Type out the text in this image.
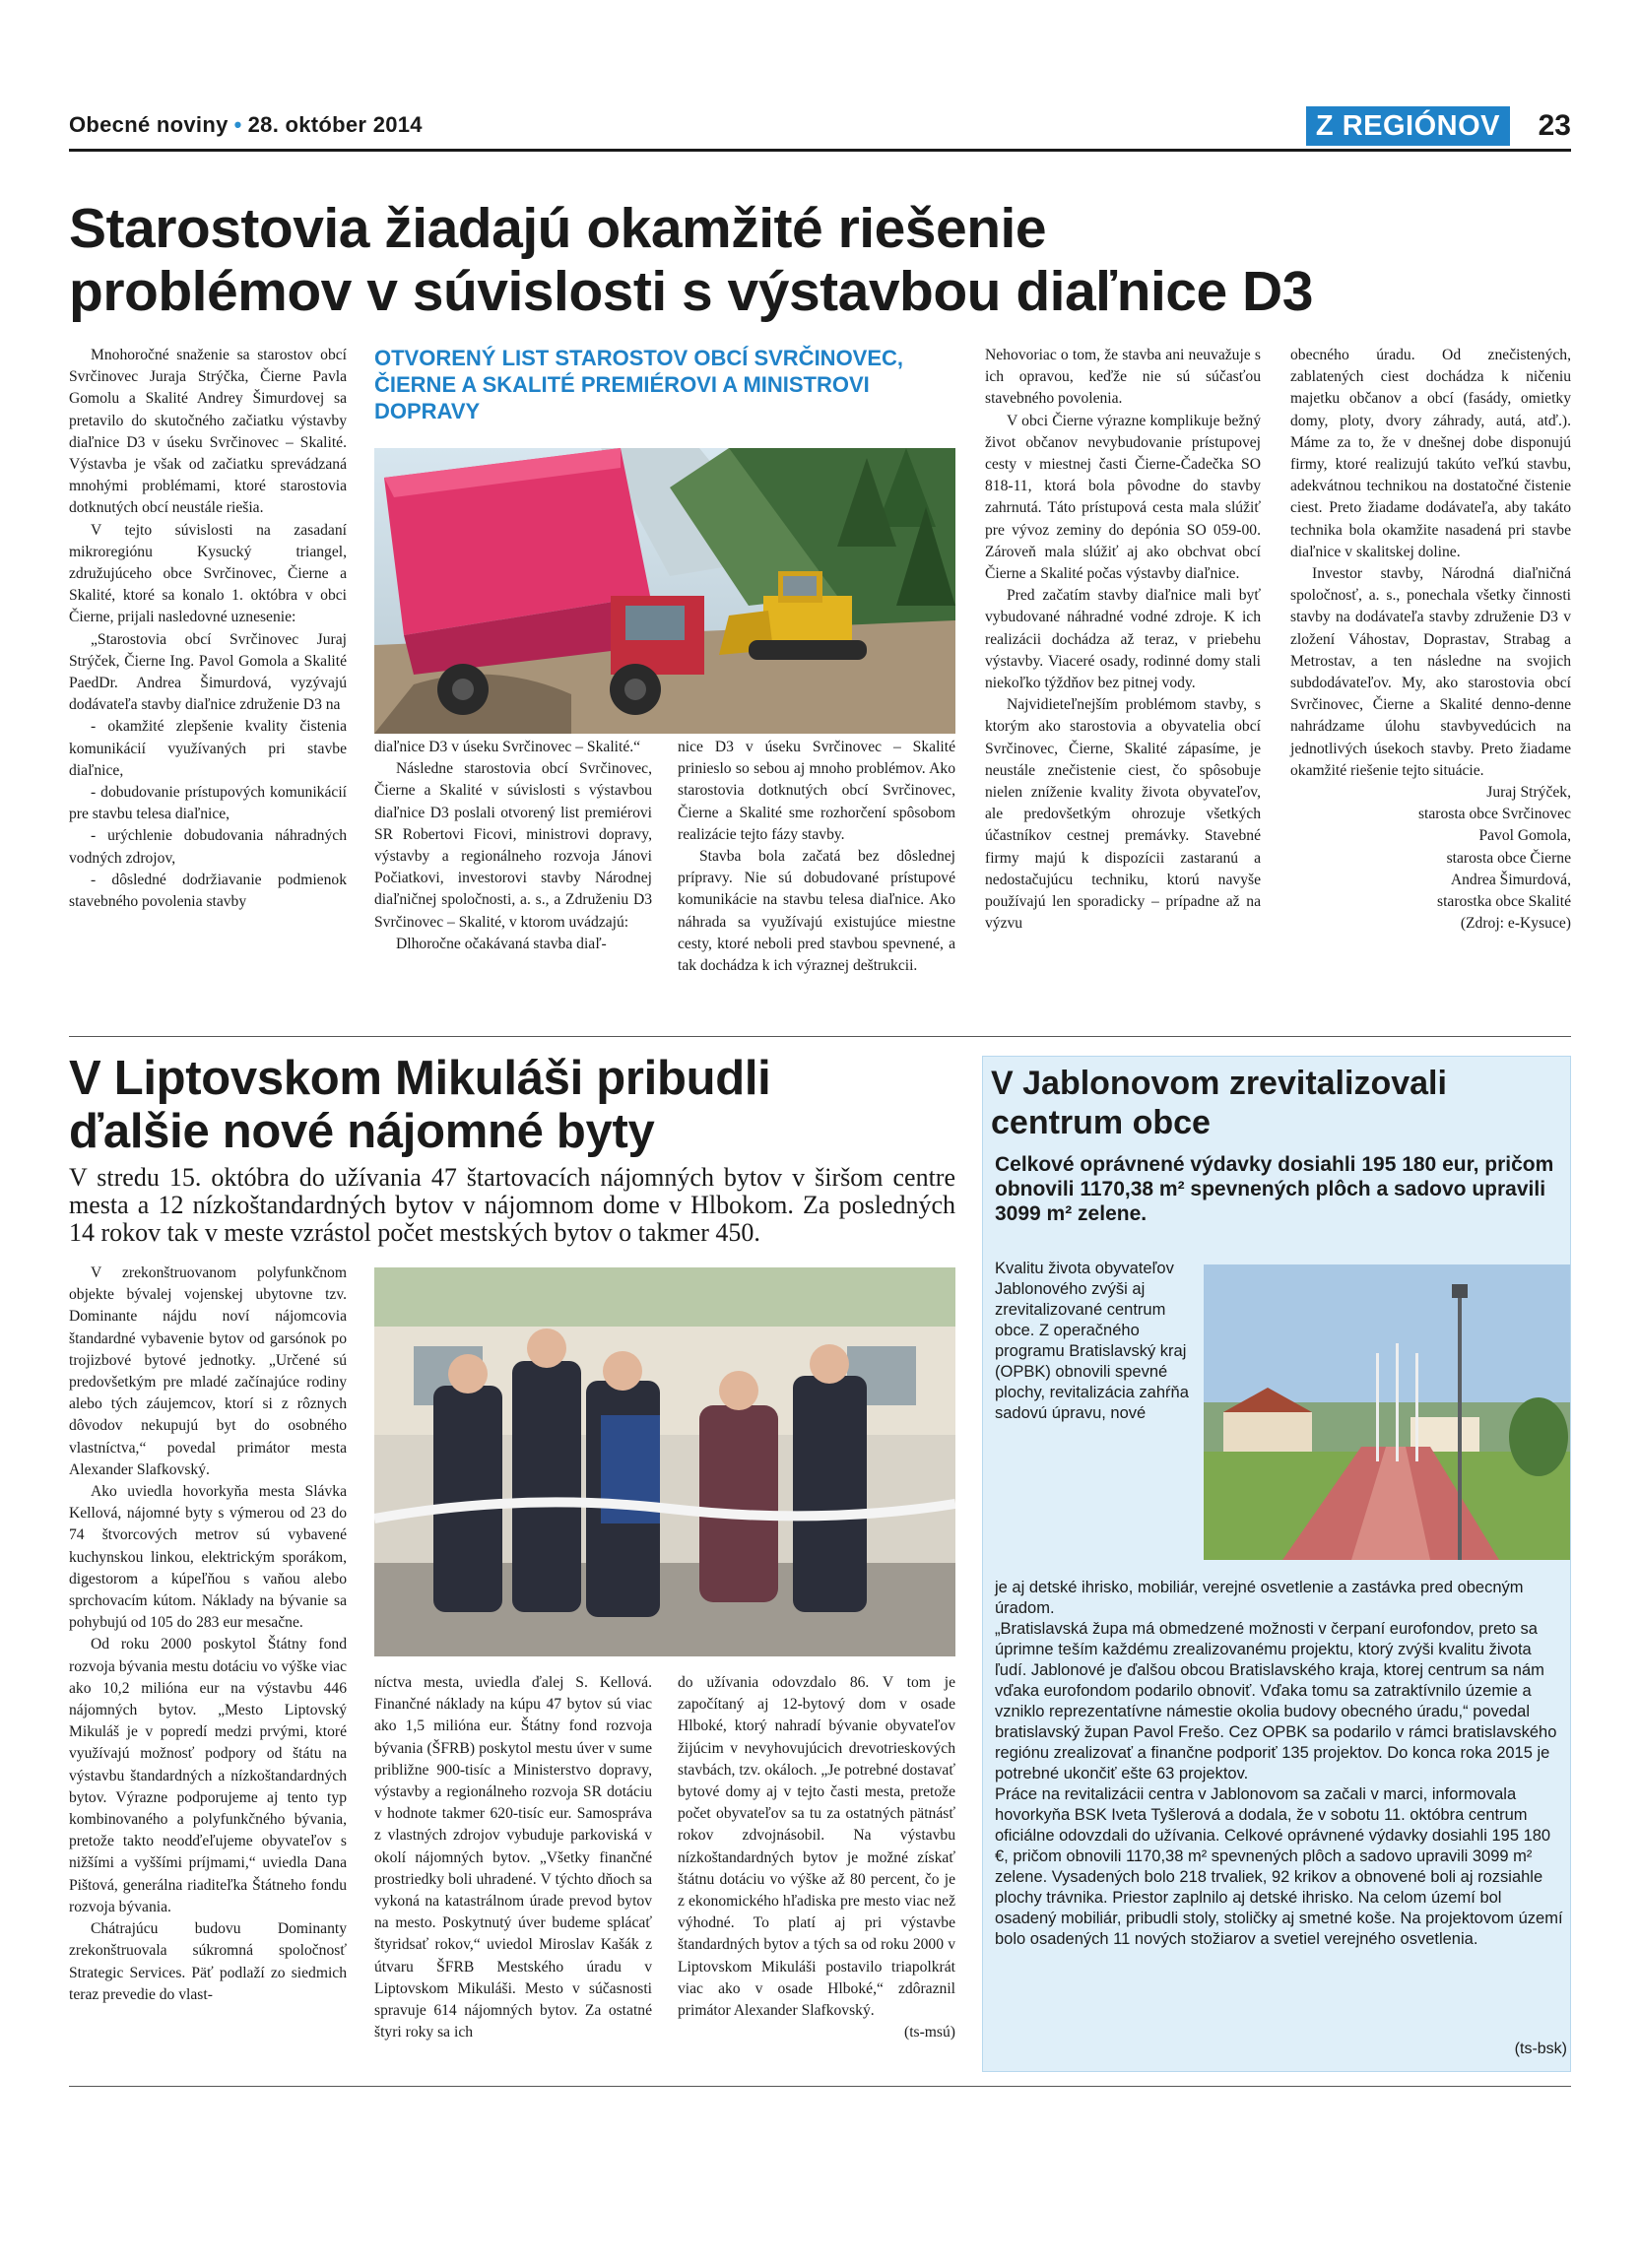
Obecné noviny • 28. október 2014	Z REGIÓNOV	23
Starostovia žiadajú okamžité riešenie
problémov v súvislosti s výstavbou diaľnice D3

Mnohoročné snaženie sa starostov obcí Svrčinovec Juraja Strýčka, Čierne Pavla Gomolu a Skalité Andrey Šimurdovej sa pretavilo do skutočného začiatku výstavby diaľnice D3 v úseku Svrčinovec – Skalité. Výstavba je však od začiatku sprevádzaná mnohými problémami, ktoré starostovia dotknutých obcí neustále riešia.

V tejto súvislosti na zasadaní mikroregiónu Kysucký triangel, združujúceho obce Svrčinovec, Čierne a Skalité, ktoré sa konalo 1. októbra v obci Čierne, prijali nasledovné uznesenie:

„Starostovia obcí Svrčinovec Juraj Strýček, Čierne Ing. Pavol Gomola a Skalité PaedDr. Andrea Šimurdová, vyzývajú dodávateľa stavby diaľnice združenie D3 na

- okamžité zlepšenie kvality čistenia komunikácií využívaných pri stavbe diaľnice,

- dobudovanie prístupových komunikácií pre stavbu telesa diaľnice,

- urýchlenie dobudovania náhradných vodných zdrojov,

- dôsledné dodržiavanie podmienok stavebného povolenia stavby

OTVORENÝ LIST STAROSTOV OBCÍ SVRČINOVEC, ČIERNE A SKALITÉ PREMIÉROVI A MINISTROVI DOPRAVY

diaľnice D3 v úseku Svrčinovec – Skalité.“

Následne starostovia obcí Svrčinovec, Čierne a Skalité v súvislosti s výstavbou diaľnice D3 poslali otvorený list premiérovi SR Robertovi Ficovi, ministrovi dopravy, výstavby a regionálneho rozvoja Jánovi Počiatkovi, investorovi stavby Národnej diaľničnej spoločnosti, a. s., a Združeniu D3 Svrčinovec – Skalité, v ktorom uvádzajú:

Dlhoročne očakávaná stavba diaľ-

nice D3 v úseku Svrčinovec – Skalité prinieslo so sebou aj mnoho problémov. Ako starostovia dotknutých obcí Svrčinovec, Čierne a Skalité sme rozhorčení spôsobom realizácie tejto fázy stavby.

Stavba bola začatá bez dôslednej prípravy. Nie sú dobudované prístupové komunikácie na stavbu telesa diaľnice. Ako náhrada sa využívajú existujúce miestne cesty, ktoré neboli pred stavbou spevnené, a tak dochádza k ich výraznej deštrukcii.

Nehovoriac o tom, že stavba ani neuvažuje s ich opravou, keďže nie sú súčasťou stavebného povolenia.

V obci Čierne výrazne komplikuje bežný život občanov nevybudovanie prístupovej cesty v miestnej časti Čierne-Čadečka SO 818-11, ktorá bola pôvodne do stavby zahrnutá. Táto prístupová cesta mala slúžiť pre vývoz zeminy do depónia SO 059-00. Zároveň mala slúžiť aj ako obchvat obcí Čierne a Skalité počas výstavby diaľnice.

Pred začatím stavby diaľnice mali byť vybudované náhradné vodné zdroje. K ich realizácii dochádza až teraz, v priebehu výstavby. Viaceré osady, rodinné domy stali niekoľko týždňov bez pitnej vody.

Najvidieteľnejším problémom stavby, s ktorým ako starostovia a obyvatelia obcí Svrčinovec, Čierne, Skalité zápasíme, je neustále znečistenie ciest, čo spôsobuje nielen zníženie kvality života obyvateľov, ale predovšetkým ohrozuje všetkých účastníkov cestnej premávky. Stavebné firmy majú k dispozícii zastaranú a nedostačujúcu techniku, ktorú navyše používajú len sporadicky – prípadne až na výzvu

obecného úradu. Od znečistených, zablatených ciest dochádza k ničeniu majetku občanov a obcí (fasády, omietky domy, ploty, dvory záhrady, autá, atď.). Máme za to, že v dnešnej dobe disponujú firmy, ktoré realizujú takúto veľkú stavbu, adekvátnou technikou na dostatočné čistenie ciest. Preto žiadame dodávateľa, aby takáto technika bola okamžite nasadená pri stavbe diaľnice v skalitskej doline.

Investor stavby, Národná diaľničná spoločnosť, a. s., ponechala všetky činnosti stavby na dodávateľa stavby združenie D3 v zložení Váhostav, Doprastav, Strabag a Metrostav, a ten následne na svojich subdodávateľov. My, ako starostovia obcí Svrčinovec, Čierne a Skalité denno-denne nahrádzame úlohu stavbyvedúcich na jednotlivých úsekoch stavby. Preto žiadame okamžité riešenie tejto situácie.

Juraj Strýček,

starosta obce Svrčinovec

Pavol Gomola,

starosta obce Čierne

Andrea Šimurdová,

starostka obce Skalité

(Zdroj: e-Kysuce)

V Liptovskom Mikuláši pribudli
ďalšie nové nájomné byty
V stredu 15. októbra do užívania 47 štartovacích nájomných bytov v širšom centre mesta a 12 nízkoštandardných bytov v nájomnom dome v Hlbokom. Za posledných 14 rokov tak v meste vzrástol počet mestských bytov o takmer 450.

V zrekonštruovanom polyfunkčnom objekte bývalej vojenskej ubytovne tzv. Dominante nájdu noví nájomcovia štandardné vybavenie bytov od garsónok po trojizbové bytové jednotky. „Určené sú predovšetkým pre mladé začínajúce rodiny alebo tých záujemcov, ktorí si z rôznych dôvodov nekupujú byt do osobného vlastníctva,“ povedal primátor mesta Alexander Slafkovský.

Ako uviedla hovorkyňa mesta Slávka Kellová, nájomné byty s výmerou od 23 do 74 štvorcových metrov sú vybavené kuchynskou linkou, elektrickým sporákom, digestorom a kúpeľňou s vaňou alebo sprchovacím kútom. Náklady na bývanie sa pohybujú od 105 do 283 eur mesačne.

Od roku 2000 poskytol Štátny fond rozvoja bývania mestu dotáciu vo výške viac ako 10,2 milióna eur na výstavbu 446 nájomných bytov. „Mesto Liptovský Mikuláš je v popredí medzi prvými, ktoré využívajú možnosť podpory od štátu na výstavbu štandardných a nízkoštandardných bytov. Výrazne podporujeme aj tento typ kombinovaného a polyfunkčného bývania, pretože takto neodďeľujeme obyvateľov s nižšími a vyššími príjmami,“ uviedla Dana Pištová, generálna riaditeľka Štátneho fondu rozvoja bývania.

Chátrajúcu budovu Dominanty zrekonštruovala súkromná spoločnosť Strategic Services. Päť podlaží zo siedmich teraz prevedie do vlast-

níctva mesta, uviedla ďalej S. Kellová. Finančné náklady na kúpu 47 bytov sú viac ako 1,5 milióna eur. Štátny fond rozvoja bývania (ŠFRB) poskytol mestu úver v sume približne 900-tisíc a Ministerstvo dopravy, výstavby a regionálneho rozvoja SR dotáciu v hodnote takmer 620-tisíc eur. Samospráva z vlastných zdrojov vybuduje parkoviská v okolí nájomných bytov. „Všetky finančné prostriedky boli uhradené. V týchto dňoch sa vykoná na katastrálnom úrade prevod bytov na mesto. Poskytnutý úver budeme splácať štyridsať rokov,“ uviedol Miroslav Kašák z útvaru ŠFRB Mestského úradu v Liptovskom Mikuláši. Mesto v súčasnosti spravuje 614 nájomných bytov. Za ostatné štyri roky sa ich

do užívania odovzdalo 86. V tom je započítaný aj 12-bytový dom v osade Hlboké, ktorý nahradí bývanie obyvateľov žijúcim v nevyhovujúcich drevotrieskových stavbách, tzv. okáloch. „Je potrebné dostavať bytové domy aj v tejto časti mesta, pretože počet obyvateľov sa tu za ostatných pätnásť rokov zdvojnásobil. Na výstavbu nízkoštandardných bytov je možné získať štátnu dotáciu vo výške až 80 percent, čo je z ekonomického hľadiska pre mesto viac než výhodné. To platí aj pri výstavbe štandardných bytov a tých sa od roku 2000 v Liptovskom Mikuláši postavilo triapolkrát viac ako v osade Hlboké,“ zdôraznil primátor Alexander Slafkovský.

(ts-msú)

V Jablonovom zrevitalizovali
centrum obce
Celkové oprávnené výdavky dosiahli 195 180 eur, pričom obnovili 1170,38 m² spevnených plôch a sadovo upravili 3099 m² zelene.
Kvalitu života obyvateľov Jablonového zvýši aj zrevitalizované centrum obce. Z operačného programu Bratislavský kraj (OPBK) obnovili spevné plochy, revitalizácia zahŕňa sadovú úpravu, nové

je aj detské ihrisko, mobiliár, verejné osvetlenie a zastávka pred obecným úradom.

„Bratislavská župa má obmedzené možnosti v čerpaní eurofondov, preto sa úprimne teším každému zrealizovanému projektu, ktorý zvýši kvalitu života ľudí. Jablonové je ďalšou obcou Bratislavského kraja, ktorej centrum sa nám vďaka eurofondom podarilo obnoviť. Vďaka tomu sa zatraktívnilo územie a vzniklo reprezentatívne námestie okolia budovy obecného úradu,“ povedal bratislavský župan Pavol Frešo. Cez OPBK sa podarilo v rámci bratislavského regiónu zrealizovať a finančne podporiť 135 projektov. Do konca roka 2015 je potrebné ukončiť ešte 63 projektov.

Práce na revitalizácii centra v Jablonovom sa začali v marci, informovala hovorkyňa BSK Iveta Tyšlerová a dodala, že v sobotu 11. októbra centrum oficiálne odovzdali do užívania. Celkové oprávnené výdavky dosiahli 195 180 €, pričom obnovili 1170,38 m² spevnených plôch a sadovo upravili 3099 m² zelene. Vysadených bolo 218 trvaliek, 92 krikov a obnovené boli aj rozsiahle plochy trávnika. Priestor zaplnilo aj detské ihrisko. Na celom území bol osadený mobiliár, pribudli stoly, stoličky aj smetné koše. Na projektovom území bolo osadených 11 nových stožiarov a svetiel verejného osvetlenia.

(ts-bsk)
